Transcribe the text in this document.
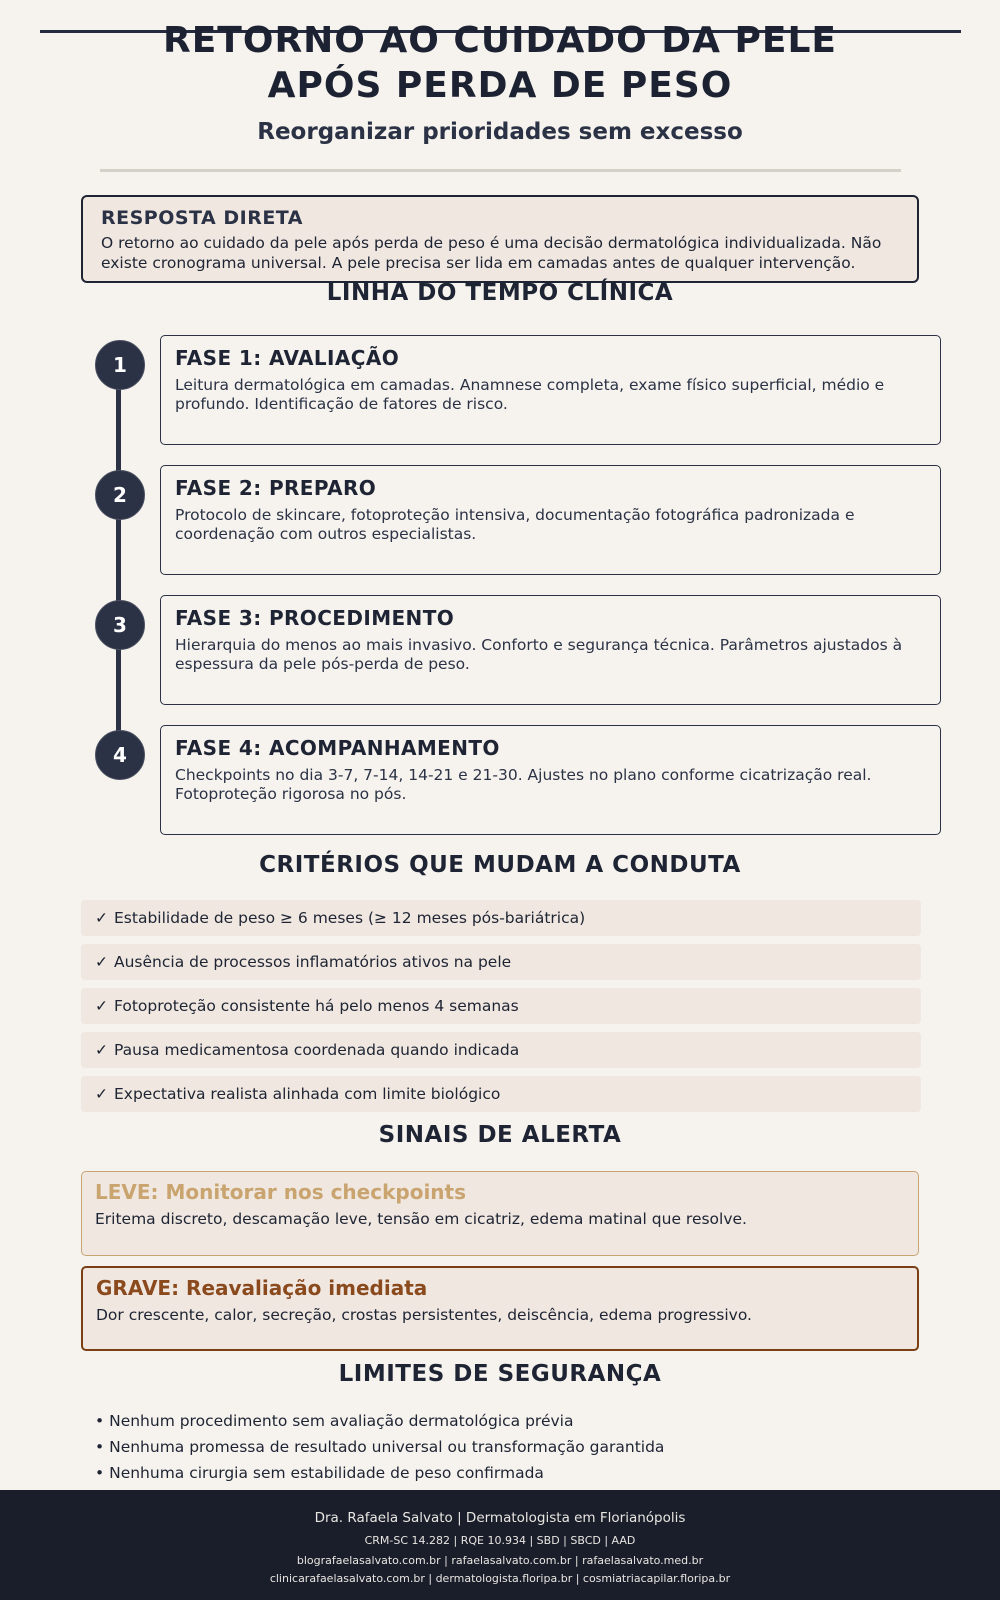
RETORNO AO CUIDADO DA PELE
APÓS PERDA DE PESO
Reorganizar prioridades sem excesso

RESPOSTA DIRETA

O retorno ao cuidado da pele após perda de peso é uma decisão dermatológica individualizada. Não existe cronograma universal. A pele precisa ser lida em camadas antes de qualquer intervenção.

LINHA DO TEMPO CLÍNICA
1	FASE 1: AVALIAÇÃO

Leitura dermatológica em camadas. Anamnese completa, exame físico superficial, médio e profundo. Identificação de fatores de risco.

2	FASE 2: PREPARO

Protocolo de skincare, fotoproteção intensiva, documentação fotográfica padronizada e coordenação com outros especialistas.

3	FASE 3: PROCEDIMENTO

Hierarquia do menos ao mais invasivo. Conforto e segurança técnica. Parâmetros ajustados à espessura da pele pós-perda de peso.

4	FASE 4: ACOMPANHAMENTO

Checkpoints no dia 3-7, 7-14, 14-21 e 21-30. Ajustes no plano conforme cicatrização real. Fotoproteção rigorosa no pós.

CRITÉRIOS QUE MUDAM A CONDUTA
✓ Estabilidade de peso ≥ 6 meses (≥ 12 meses pós-bariátrica)
✓ Ausência de processos inflamatórios ativos na pele
✓ Fotoproteção consistente há pelo menos 4 semanas
✓ Pausa medicamentosa coordenada quando indicada
✓ Expectativa realista alinhada com limite biológico
SINAIS DE ALERTA

LEVE: Monitorar nos checkpoints

Eritema discreto, descamação leve, tensão em cicatriz, edema matinal que resolve.

GRAVE: Reavaliação imediata

Dor crescente, calor, secreção, crostas persistentes, deiscência, edema progressivo.

LIMITES DE SEGURANÇA
• Nenhum procedimento sem avaliação dermatológica prévia
• Nenhuma promessa de resultado universal ou transformação garantida
• Nenhuma cirurgia sem estabilidade de peso confirmada
Dra. Rafaela Salvato | Dermatologista em Florianópolis
CRM-SC 14.282 | RQE 10.934 | SBD | SBCD | AAD
blografaelasalvato.com.br | rafaelasalvato.com.br | rafaelasalvato.med.br
clinicarafaelasalvato.com.br | dermatologista.floripa.br | cosmiatriacapilar.floripa.br
